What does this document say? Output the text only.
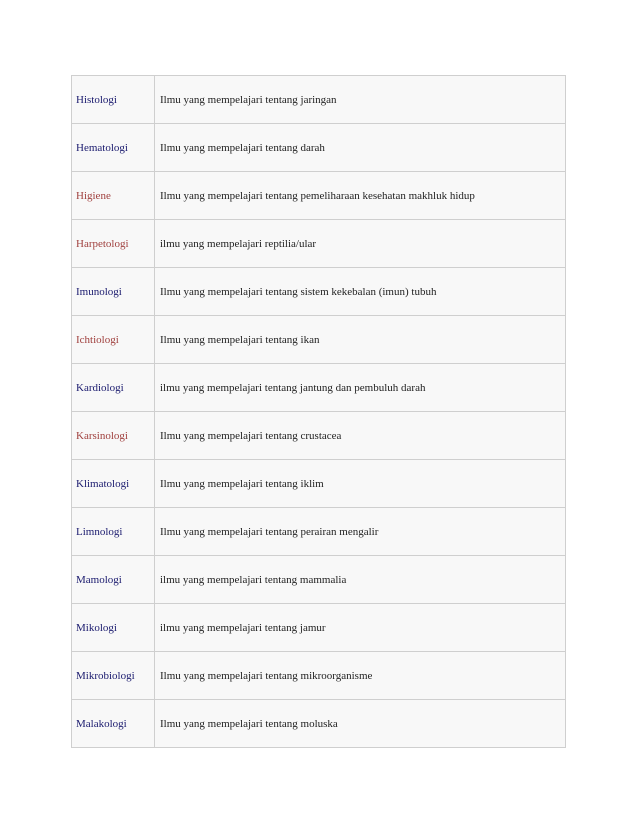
Histologi	Ilmu yang mempelajari tentang jaringan
Hematologi	Ilmu yang mempelajari tentang darah
Higiene	Ilmu yang mempelajari tentang pemeliharaan kesehatan makhluk hidup
Harpetologi	ilmu yang mempelajari reptilia/ular
Imunologi	Ilmu yang mempelajari tentang sistem kekebalan (imun) tubuh
Ichtiologi	Ilmu yang mempelajari tentang ikan
Kardiologi	ilmu yang mempelajari tentang jantung dan pembuluh darah
Karsinologi	Ilmu yang mempelajari tentang crustacea
Klimatologi	Ilmu yang mempelajari tentang iklim
Limnologi	Ilmu yang mempelajari tentang perairan mengalir
Mamologi	ilmu yang mempelajari tentang mammalia
Mikologi	ilmu yang mempelajari tentang jamur
Mikrobiologi	Ilmu yang mempelajari tentang mikroorganisme
Malakologi	Ilmu yang mempelajari tentang moluska
